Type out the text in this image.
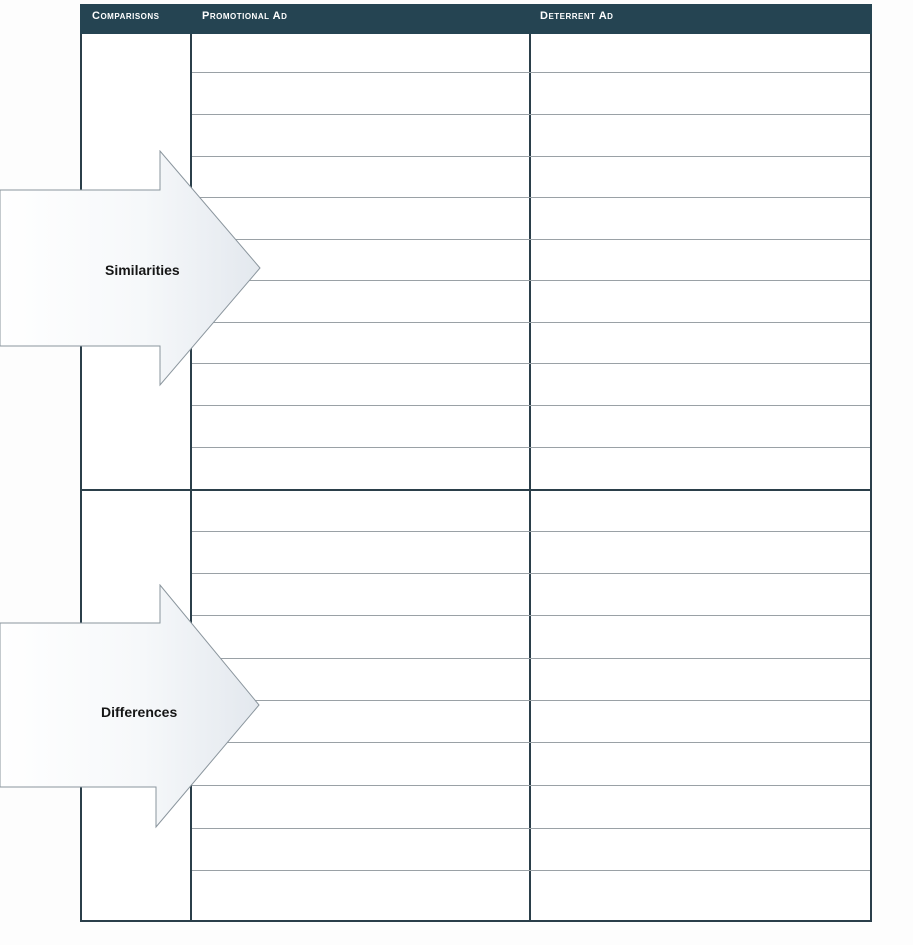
Comparisons	Promotional Ad	Deterrent Ad
Similarities
Differences
